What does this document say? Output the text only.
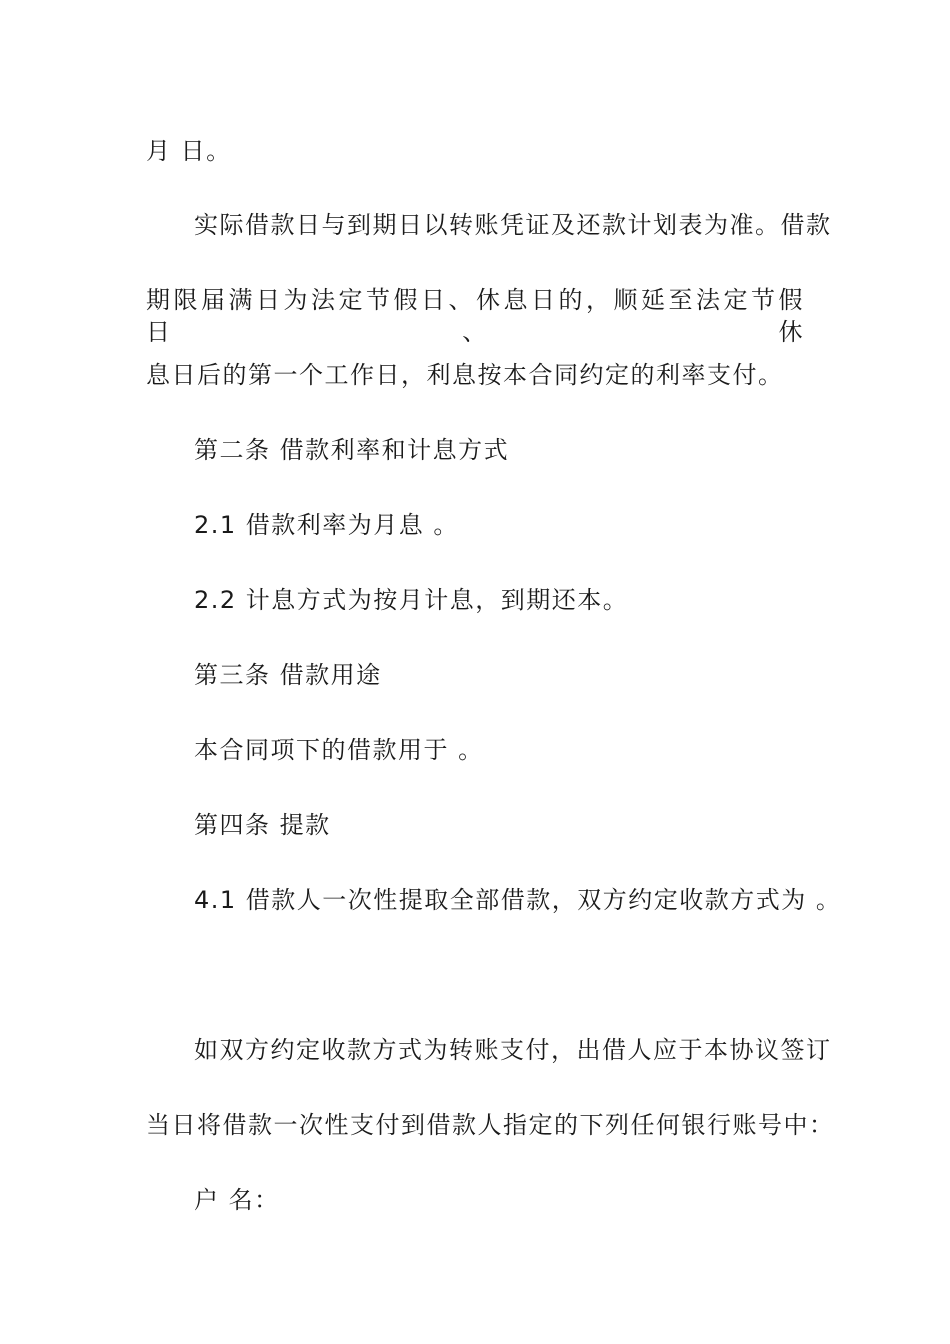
月 日。
实际借款日与到期日以转账凭证及还款计划表为准。借款
期限届满日为法定节假日、休息日的，顺延至法定节假日、休
息日后的第一个工作日，利息按本合同约定的利率支付。
第二条 借款利率和计息方式
2.1 借款利率为月息 。
2.2 计息方式为按月计息，到期还本。
第三条 借款用途
本合同项下的借款用于 。
第四条 提款
4.1 借款人一次性提取全部借款，双方约定收款方式为 。
如双方约定收款方式为转账支付，出借人应于本协议签订
当日将借款一次性支付到借款人指定的下列任何银行账号中：
户 名：
